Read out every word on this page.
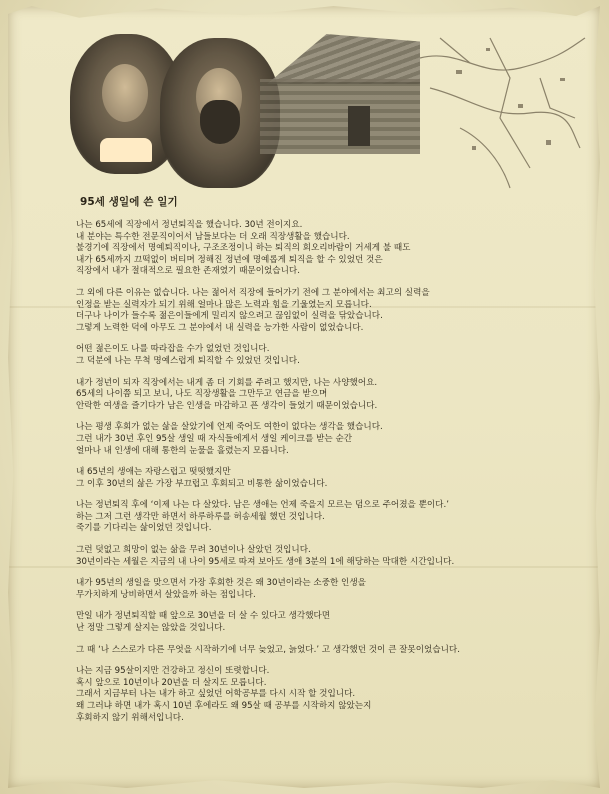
95세 생일에 쓴 일기
나는 65세에 직장에서 정년퇴직을 했습니다. 30년 전이지요.
내 분야는 특수한 전문직이어서 남들보다는 더 오래 직장생활을 했습니다.
불경기에 직장에서 명예퇴직이나, 구조조정이니 하는 퇴직의 회오리바람이 거세게 불 때도
내가 65세까지 끄떡없이 버티며 정해진 정년에 명예롭게 퇴직을 할 수 있었던 것은
직장에서 내가 절대적으로 필요한 존재였기 때문이었습니다.
그 외에 다른 이유는 없습니다. 나는 젊어서 직장에 들어가기 전에 그 분야에서는 최고의 실력을
인정을 받는 실력자가 되기 위해 얼마나 많은 노력과 힘을 기울였는지 모릅니다.
더구나 나이가 들수록 젊은이들에게 밀리지 않으려고 끊임없이 실력을 닦았습니다.
그렇게 노력한 덕에 아무도 그 분야에서 내 실력을 능가한 사람이 없었습니다.
어떤 젊은이도 나를 따라잡을 수가 없었던 것입니다.
그 덕분에 나는 무척 명예스럽게 퇴직할 수 있었던 것입니다.
내가 정년이 되자 직장에서는 내게 좀 더 기회를 주려고 했지만, 나는 사양했어요.
65세의 나이쯤 되고 보니, 나도 직장생활을 그만두고 연금을 받으며
안락한 여생을 즐기다가 남은 인생을 마감하고 픈 생각이 들었기 때문이었습니다.
나는 평생 후회가 없는 삶을 살았기에 언제 죽어도 여한이 없다는 생각을 했습니다.
그런 내가 30년 후인 95살 생일 때 자식들에게서 생일 케이크를 받는 순간
얼마나 내 인생에 대해 통한의 눈물을 흘렸는지 모릅니다.
내 65년의 생애는 자랑스럽고 떳떳했지만
그 이후 30년의 삶은 가장 부끄럽고 후회되고 비통한 삶이었습니다.
나는 정년퇴직 후에 ‘이제 나는 다 살았다. 남은 생애는 언제 죽을지 모르는 덤으로 주어졌을 뿐이다.’
하는 그저 그런 생각만 하면서 하루하루를 허송세월 했던 것입니다.
죽기를 기다리는 삶이었던 것입니다.
그런 덧없고 희망이 없는 삶을 무려 30년이나 살았던 것입니다.
30년이라는 세월은 지금의 내 나이 95세로 따져 보아도 생애 3분의 1에 해당하는 막대한 시간입니다.
내가 95년의 생일을 맞으면서 가장 후회한 것은 왜 30년이라는 소중한 인생을
무가치하게 낭비하면서 살았을까 하는 점입니다.
만일 내가 정년퇴직할 때 앞으로 30년을 더 살 수 있다고 생각했다면
난 정말 그렇게 살지는 않았을 것입니다.
그 때 ‘나 스스로가 다른 무엇을 시작하기에 너무 늦었고, 늙었다.’ 고 생각했던 것이 큰 잘못이었습니다.
나는 지금 95살이지만 건강하고 정신이 또렷합니다.
혹시 앞으로 10년이나 20년을 더 살지도 모릅니다.
그래서 지금부터 나는 내가 하고 싶었던 어학공부를 다시 시작 할 것입니다.
왜 그러냐 하면 내가 혹시 10년 후에라도 왜 95살 때 공부를 시작하지 않았는지
후회하지 않기 위해서입니다.
